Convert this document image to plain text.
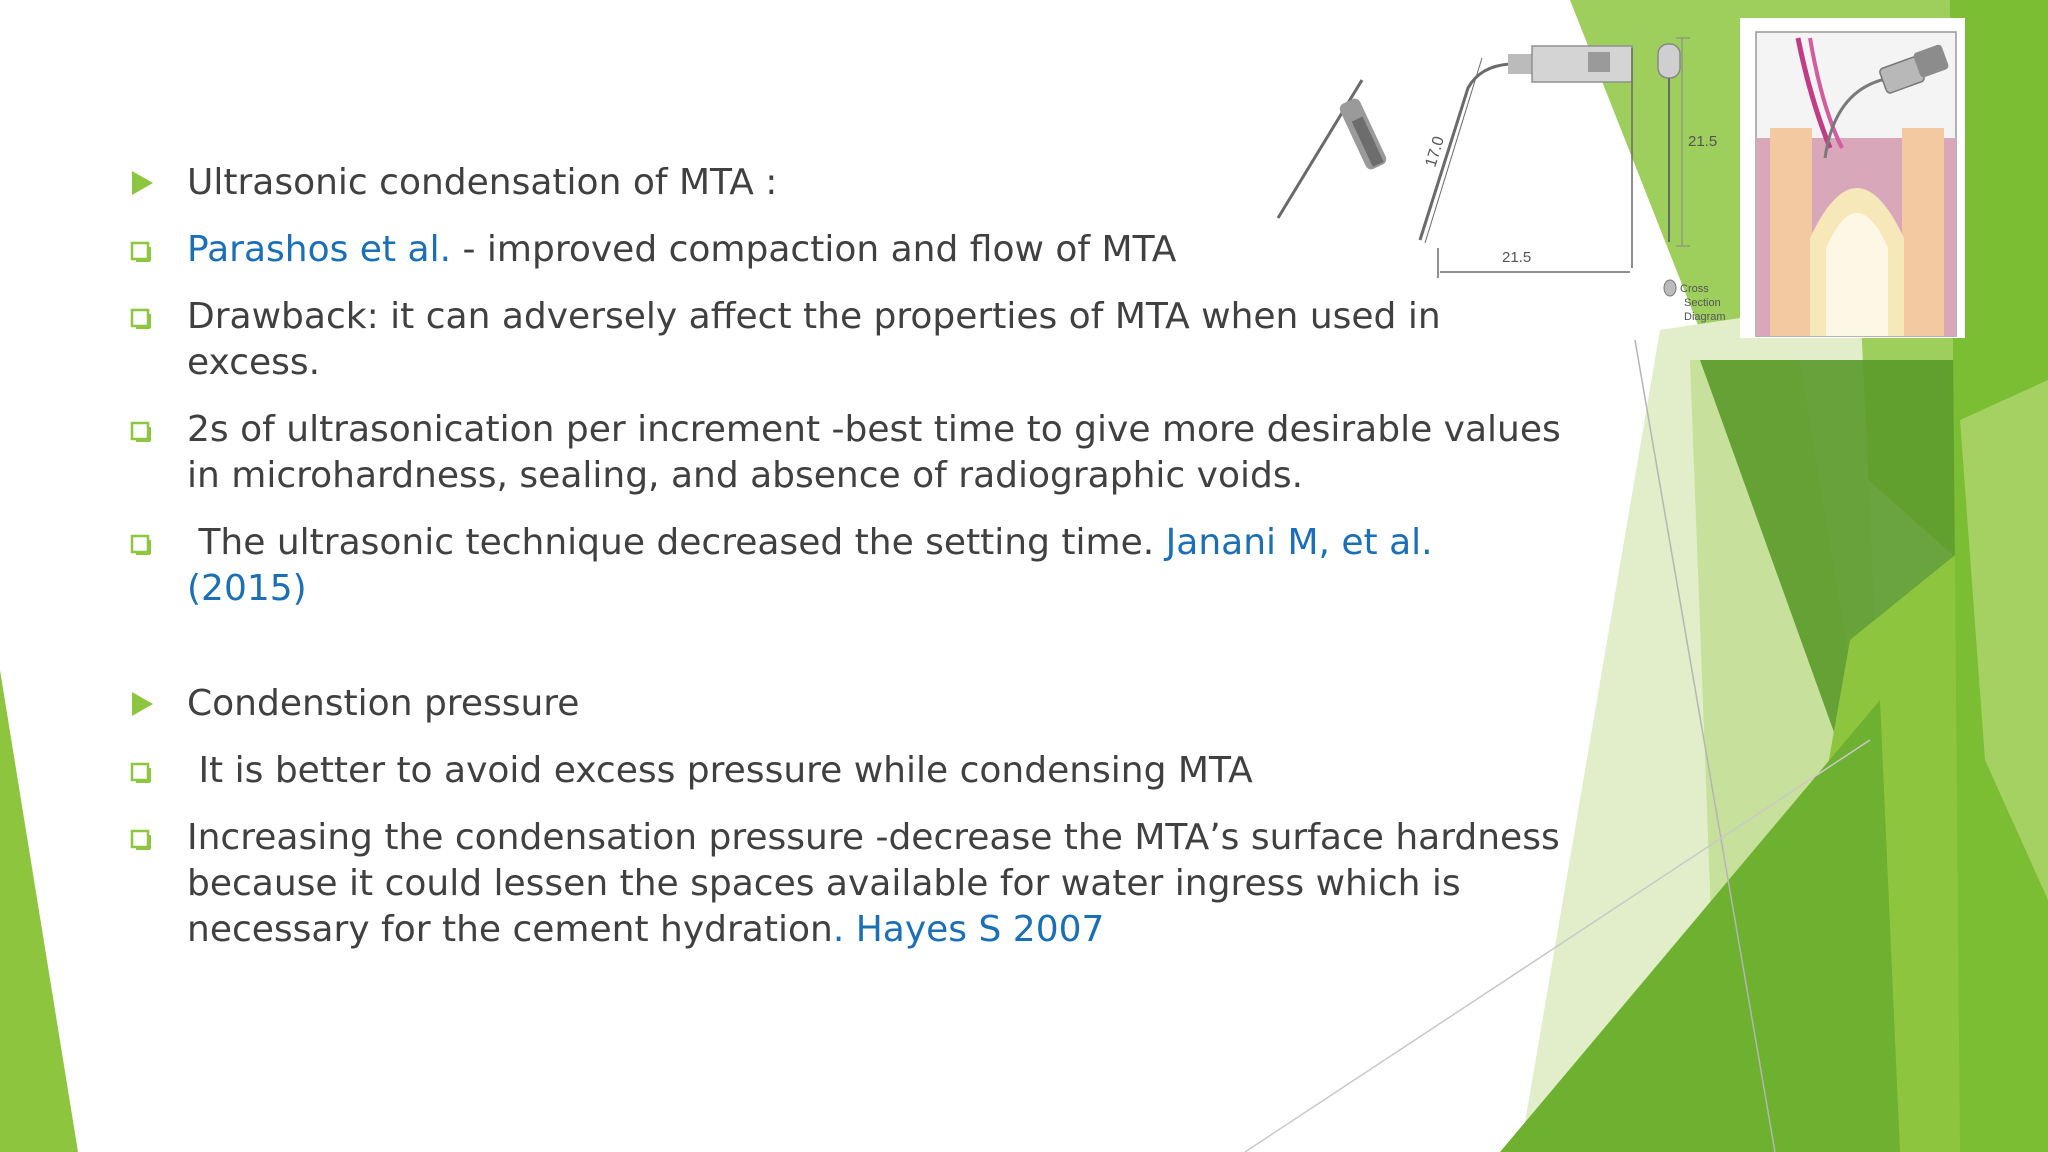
17.0
21.5
21.5
Cross
Section
Diagram
Ultrasonic condensation of MTA :
Parashos et al. - improved compaction and flow of MTA
Drawback: it can adversely affect the properties of MTA when used in excess.
2s of ultrasonication per increment -best time to give more desirable values in microhardness, sealing, and absence of radiographic voids.
The ultrasonic technique decreased the setting time. Janani M, et al. (2015)
Condenstion pressure
It is better to avoid excess pressure while condensing MTA
Increasing the condensation pressure -decrease the MTA’s surface hardness because it could lessen the spaces available for water ingress which is necessary for the cement hydration. Hayes S 2007
